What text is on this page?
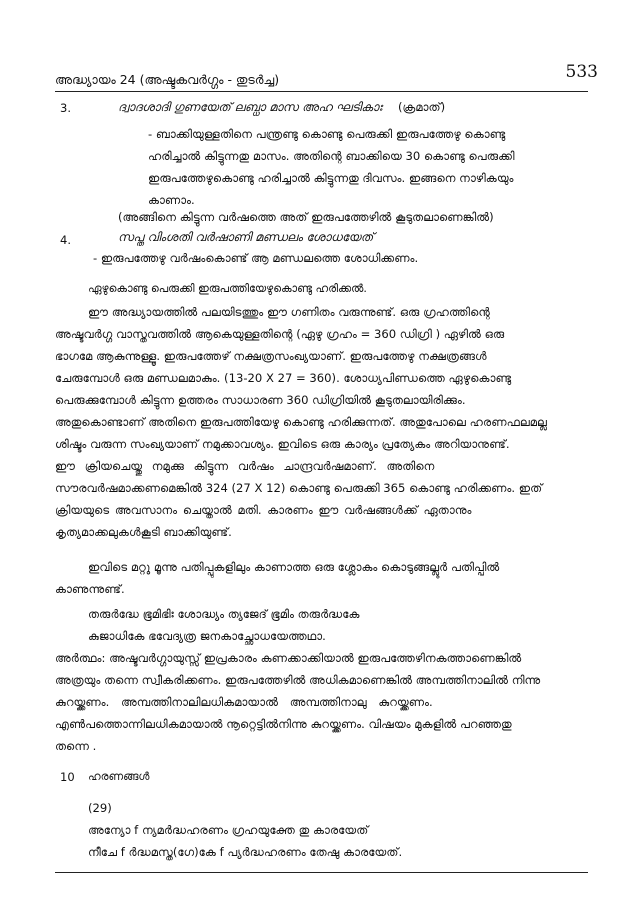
അദ്ധ്യായം 24 (അഷ്ടകവർഗ്ഗം - തുടർച്ച)	533
3.	ദ്വാദശാദി ഗുണയേത് ലബ്ധാ മാസ അഹ ഘടികാഃ (ക്രമാത്)
- ബാക്കിയുള്ളതിനെ പന്ത്രണ്ടു കൊണ്ടു പെരുക്കി ഇരുപത്തേഴു കൊണ്ടു
ഹരിച്ചാൽ കിട്ടുന്നതു മാസം. അതിന്റെ ബാക്കിയെ 30 കൊണ്ടു പെരുക്കി
ഇരുപത്തേഴുകൊണ്ടു ഹരിച്ചാൽ കിട്ടുന്നതു ദിവസം. ഇങ്ങനെ നാഴികയും
കാണാം.
(അങ്ങിനെ കിട്ടുന്ന വർഷത്തെ അത് ഇരുപത്തേഴിൽ കൂടുതലാണെങ്കിൽ)
4.	സപ്ത വിംശതി വർഷാണി മണ്ഡലം ശോധയേത്
- ഇരുപത്തേഴു വർഷംകൊണ്ട് ആ മണ്ഡലത്തെ ശോധിക്കണം.
ഏഴുകൊണ്ടു പെരുക്കി ഇരുപത്തിയേഴുകൊണ്ടു ഹരിക്കൽ.
ഈ അദ്ധ്യായത്തിൽ പലയിടത്തും ഈ ഗണിതം വരുന്നുണ്ട്. ഒരു ഗ്രഹത്തിന്റെ
അഷ്ടവർഗ്ഗ വാസ്തവത്തിൽ ആകെയുള്ളതിന്റെ (ഏഴു ഗ്രഹം = 360 ഡിഗ്രി ) ഏഴിൽ ഒരു
ഭാഗമേ ആകുന്നുള്ളൂ. ഇരുപത്തേഴ് നക്ഷത്രസംഖ്യയാണ്. ഇരുപത്തേഴു നക്ഷത്രങ്ങൾ
ചേരുമ്പോൾ ഒരു മണ്ഡലമാകും. (13-20 X 27 = 360). ശോധ്യപിണ്ഡത്തെ ഏഴുകൊണ്ടു
പെരുക്കുമ്പോൾ കിട്ടുന്ന ഉത്തരം സാധാരണ 360 ഡിഗ്രിയിൽ കൂടുതലായിരിക്കും.
അതുകൊണ്ടാണ് അതിനെ ഇരുപത്തിയേഴു കൊണ്ടു ഹരിക്കുന്നത്. അതുപോലെ ഹരണഫലമല്ല
ശിഷ്ടം വരുന്ന സംഖ്യയാണ് നമുക്കാവശ്യം. ഇവിടെ ഒരു കാര്യം പ്രത്യേകം അറിയാനുണ്ട്.
ഈ ക്രിയചെയ്തു നമുക്കു കിട്ടുന്ന വർഷം ചാന്ദ്രവർഷമാണ്. അതിനെ
സൗരവർഷമാക്കണമെങ്കിൽ 324 (27 X 12) കൊണ്ടു പെരുക്കി 365 കൊണ്ടു ഹരിക്കണം. ഇത്
ക്രിയയുടെ അവസാനം ചെയ്താൽ മതി. കാരണം ഈ വർഷങ്ങൾക്ക് ഏതാനും
കൃത്യമാക്കലുകൾകൂടി ബാക്കിയുണ്ട്.
ഇവിടെ മറ്റു മൂന്നു പതിപ്പുകളിലും കാണാത്ത ഒരു ശ്ലോകം കൊടുങ്ങല്ലൂർ പതിപ്പിൽ
കാണുന്നുണ്ട്.
തരുർദ്ധേ ഭൂമിഭിഃ ശോദ്ധ്യം ത്യജേദ് ഭൂമിം തരുർദ്ധകേ
കുജാധികേ ഭവേദ്യത്ര ജനകാച്ഛോധയേത്തഥാ.
അർത്ഥം: അഷ്ടവർഗ്ഗായുസ്സ് ഇപ്രകാരം കണക്കാക്കിയാൽ ഇരുപത്തേഴിനകത്താണെങ്കിൽ
അത്രയും തന്നെ സ്വീകരിക്കണം. ഇരുപത്തേഴിൽ അധികമാണെങ്കിൽ അമ്പത്തിനാലിൽ നിന്നു
കുറയ്ക്കണം. അമ്പത്തിനാലിലധികമായാൽ അമ്പത്തിനാലു കുറയ്ക്കണം.
എൺപത്തൊന്നിലധികമായാൽ നൂറ്റെട്ടിൽനിന്നു കുറയ്ക്കണം. വിഷയം മുകളിൽ പറഞ്ഞതു
തന്നെ .
10 ഹരണങ്ങൾ
(29)
അന്യോ f ന്യമർദ്ധഹരണം ഗ്രഹയുക്തേ തു കാരയേത്
നീചേ f ർദ്ധമസ്ത(ഗേ)കേ f പ്യർദ്ധഹരണം തേഷു കാരയേത്.
